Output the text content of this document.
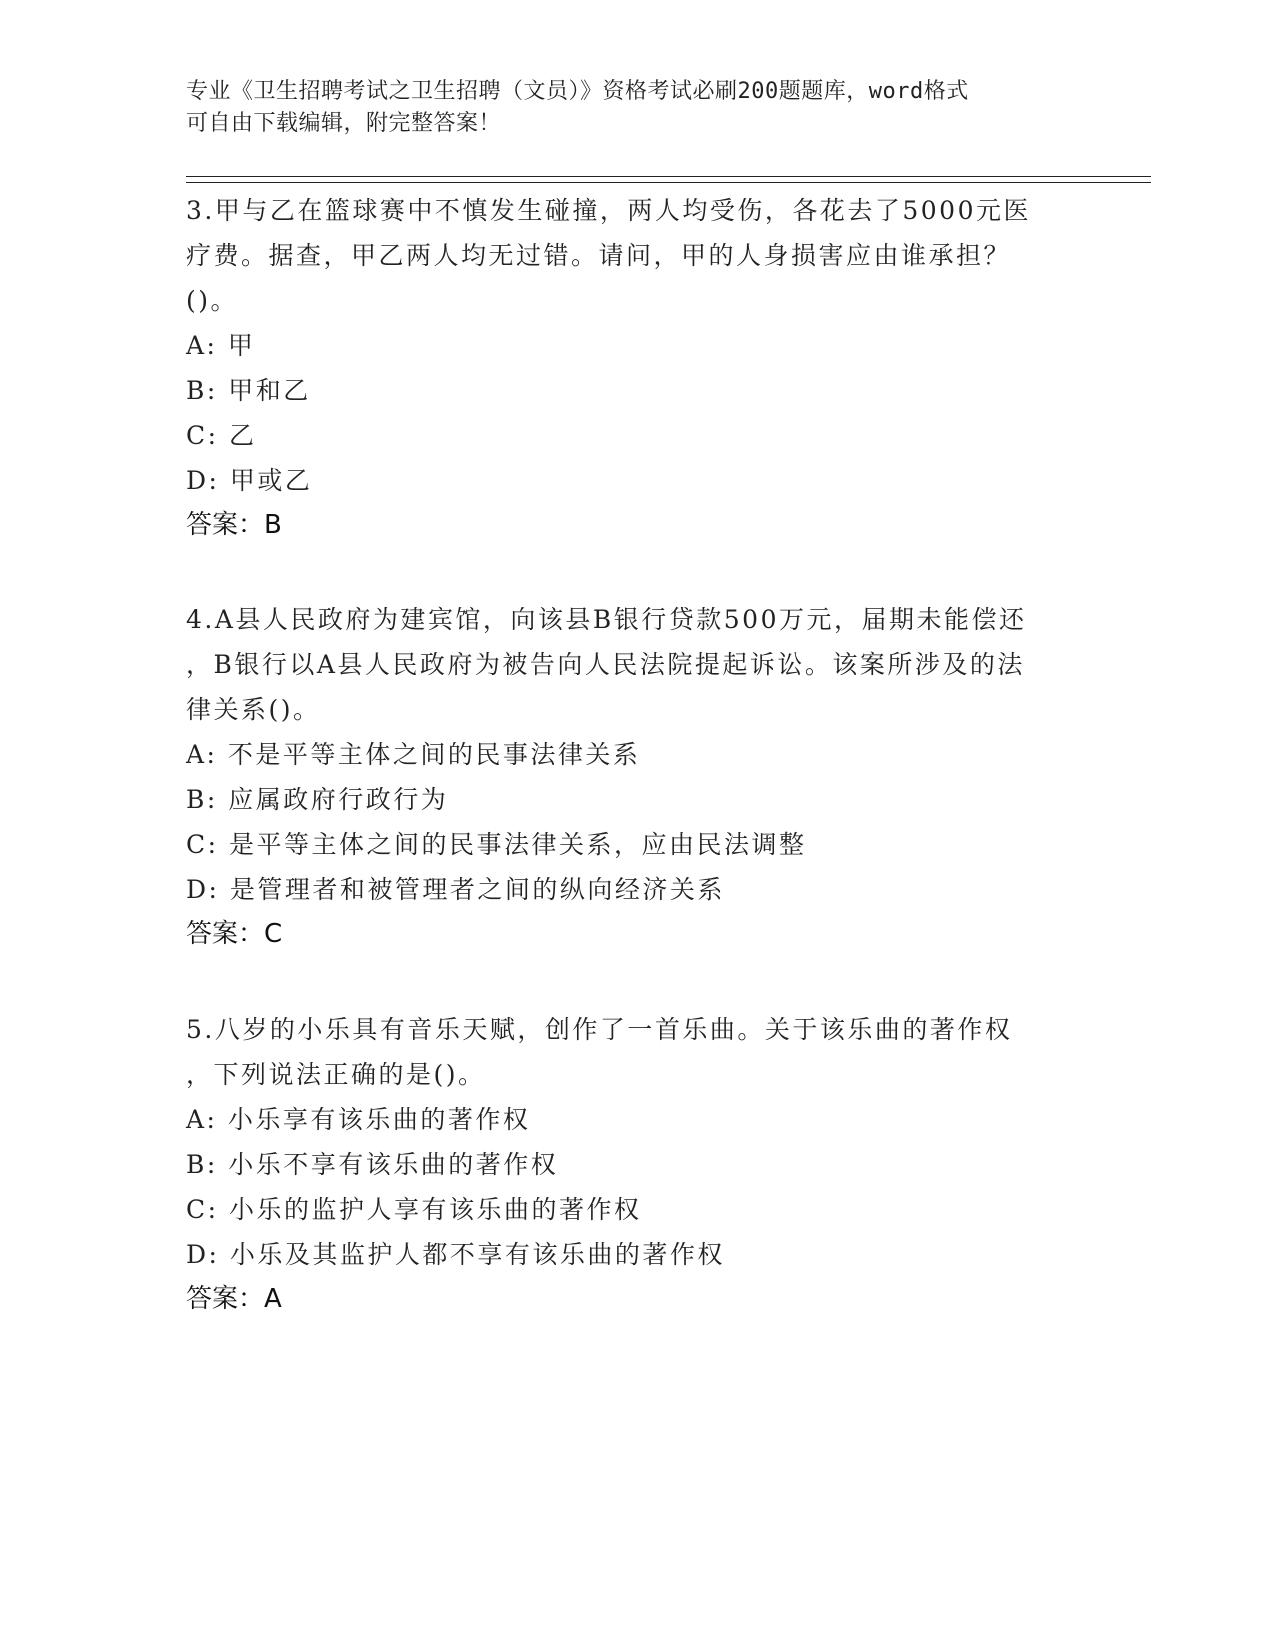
专业《卫生招聘考试之卫生招聘（文员）》资格考试必刷200题题库，word格式
可自由下载编辑，附完整答案！
3.甲与乙在篮球赛中不慎发生碰撞，两人均受伤，各花去了5000元医
疗费。据查，甲乙两人均无过错。请问，甲的人身损害应由谁承担？
()。
A: 甲
B: 甲和乙
C: 乙
D: 甲或乙
答案：B
4.A县人民政府为建宾馆，向该县B银行贷款500万元，届期未能偿还
，B银行以A县人民政府为被告向人民法院提起诉讼。该案所涉及的法
律关系()。
A: 不是平等主体之间的民事法律关系
B: 应属政府行政行为
C: 是平等主体之间的民事法律关系，应由民法调整
D: 是管理者和被管理者之间的纵向经济关系
答案：C
5.八岁的小乐具有音乐天赋，创作了一首乐曲。关于该乐曲的著作权
，下列说法正确的是()。
A: 小乐享有该乐曲的著作权
B: 小乐不享有该乐曲的著作权
C: 小乐的监护人享有该乐曲的著作权
D: 小乐及其监护人都不享有该乐曲的著作权
答案：A
